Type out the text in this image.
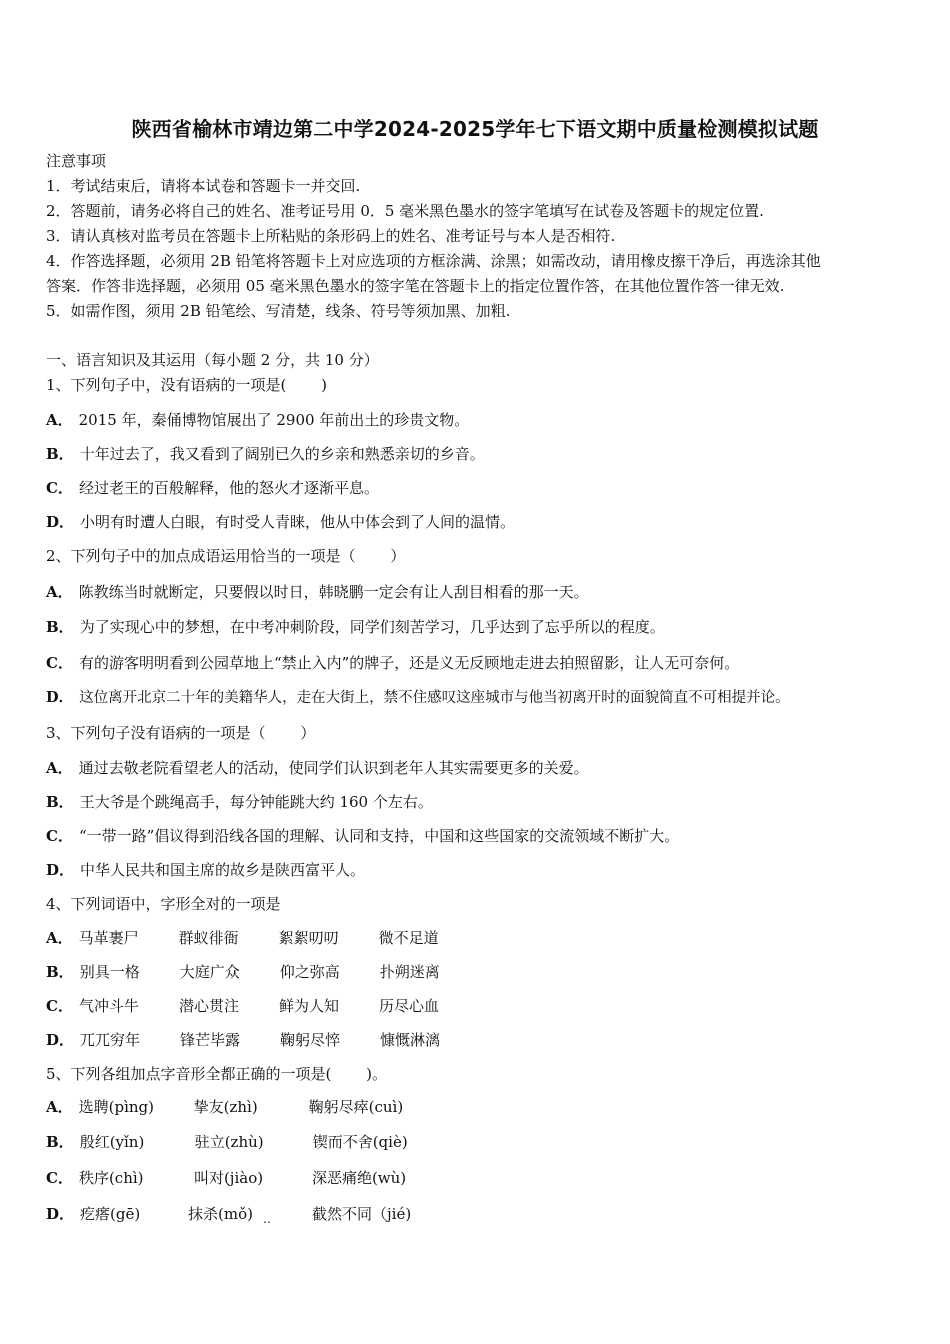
陕西省榆林市靖边第二中学2024-2025学年七下语文期中质量检测模拟试题
注意事项
1．考试结束后，请将本试卷和答题卡一并交回.
2．答题前，请务必将自己的姓名、准考证号用 0．5 毫米黑色墨水的签字笔填写在试卷及答题卡的规定位置.
3．请认真核对监考员在答题卡上所粘贴的条形码上的姓名、准考证号与本人是否相符.
4．作答选择题，必须用 2B 铅笔将答题卡上对应选项的方框涂满、涂黑；如需改动，请用橡皮擦干净后，再选涂其他
答案．作答非选择题，必须用 05 毫米黑色墨水的签字笔在答题卡上的指定位置作答，在其他位置作答一律无效.
5．如需作图，须用 2B 铅笔绘、写清楚，线条、符号等须加黑、加粗.
一、语言知识及其运用（每小题 2 分，共 10 分）
1、下列句子中，没有语病的一项是(　　 )
A． 2015 年，秦俑博物馆展出了 2900 年前出土的珍贵文物。
B． 十年过去了，我又看到了阔别已久的乡亲和熟悉亲切的乡音。
C． 经过老王的百般解释，他的怒火才逐渐平息。
D． 小明有时遭人白眼，有时受人青睐，他从中体会到了人间的温情。
2、下列句子中的加点成语运用恰当的一项是（　　 ）
A． 陈教练当时就断定，只要假以时日，韩晓鹏一定会有让人刮目相看的那一天。
B． 为了实现心中的梦想，在中考冲刺阶段，同学们刻苦学习，几乎达到了忘乎所以的程度。
C． 有的游客明明看到公园草地上“禁止入内”的牌子，还是义无反顾地走进去拍照留影，让人无可奈何。
D． 这位离开北京二十年的美籍华人，走在大街上，禁不住感叹这座城市与他当初离开时的面貌简直不可相提并论。
3、下列句子没有语病的一项是（　　 ）
A． 通过去敬老院看望老人的活动，使同学们认识到老年人其实需要更多的关爱。
B． 王大爷是个跳绳高手，每分钟能跳大约 160 个左右。
C． “一带一路”倡议得到沿线各国的理解、认同和支持，中国和这些国家的交流领域不断扩大。
D． 中华人民共和国主席的故乡是陕西富平人。
4、下列词语中，字形全对的一项是
A． 马革裹尸	群蚁徘衙	絮絮叨叨	微不足道
B． 别具一格	大庭广众	仰之弥高	扑朔迷离
C． 气冲斗牛	潜心贯注	鲜为人知	历尽心血
D． 兀兀穷年	锋芒毕露	鞠躬尽悴	慷慨淋漓
5、下列各组加点字音形全都正确的一项是(　　 )。
A． 选聘(pìng)	挚友(zhì)	鞠躬尽瘁(cuì)
B． 殷红(yǐn)	驻立(zhù)	锲而不舍(qiè)
C． 秩序(chì)	叫对(jiào)	深恶痛绝(wù)
D． 疙瘩(gē)	抹杀(mǒ)	截然不同（jié)
‥
